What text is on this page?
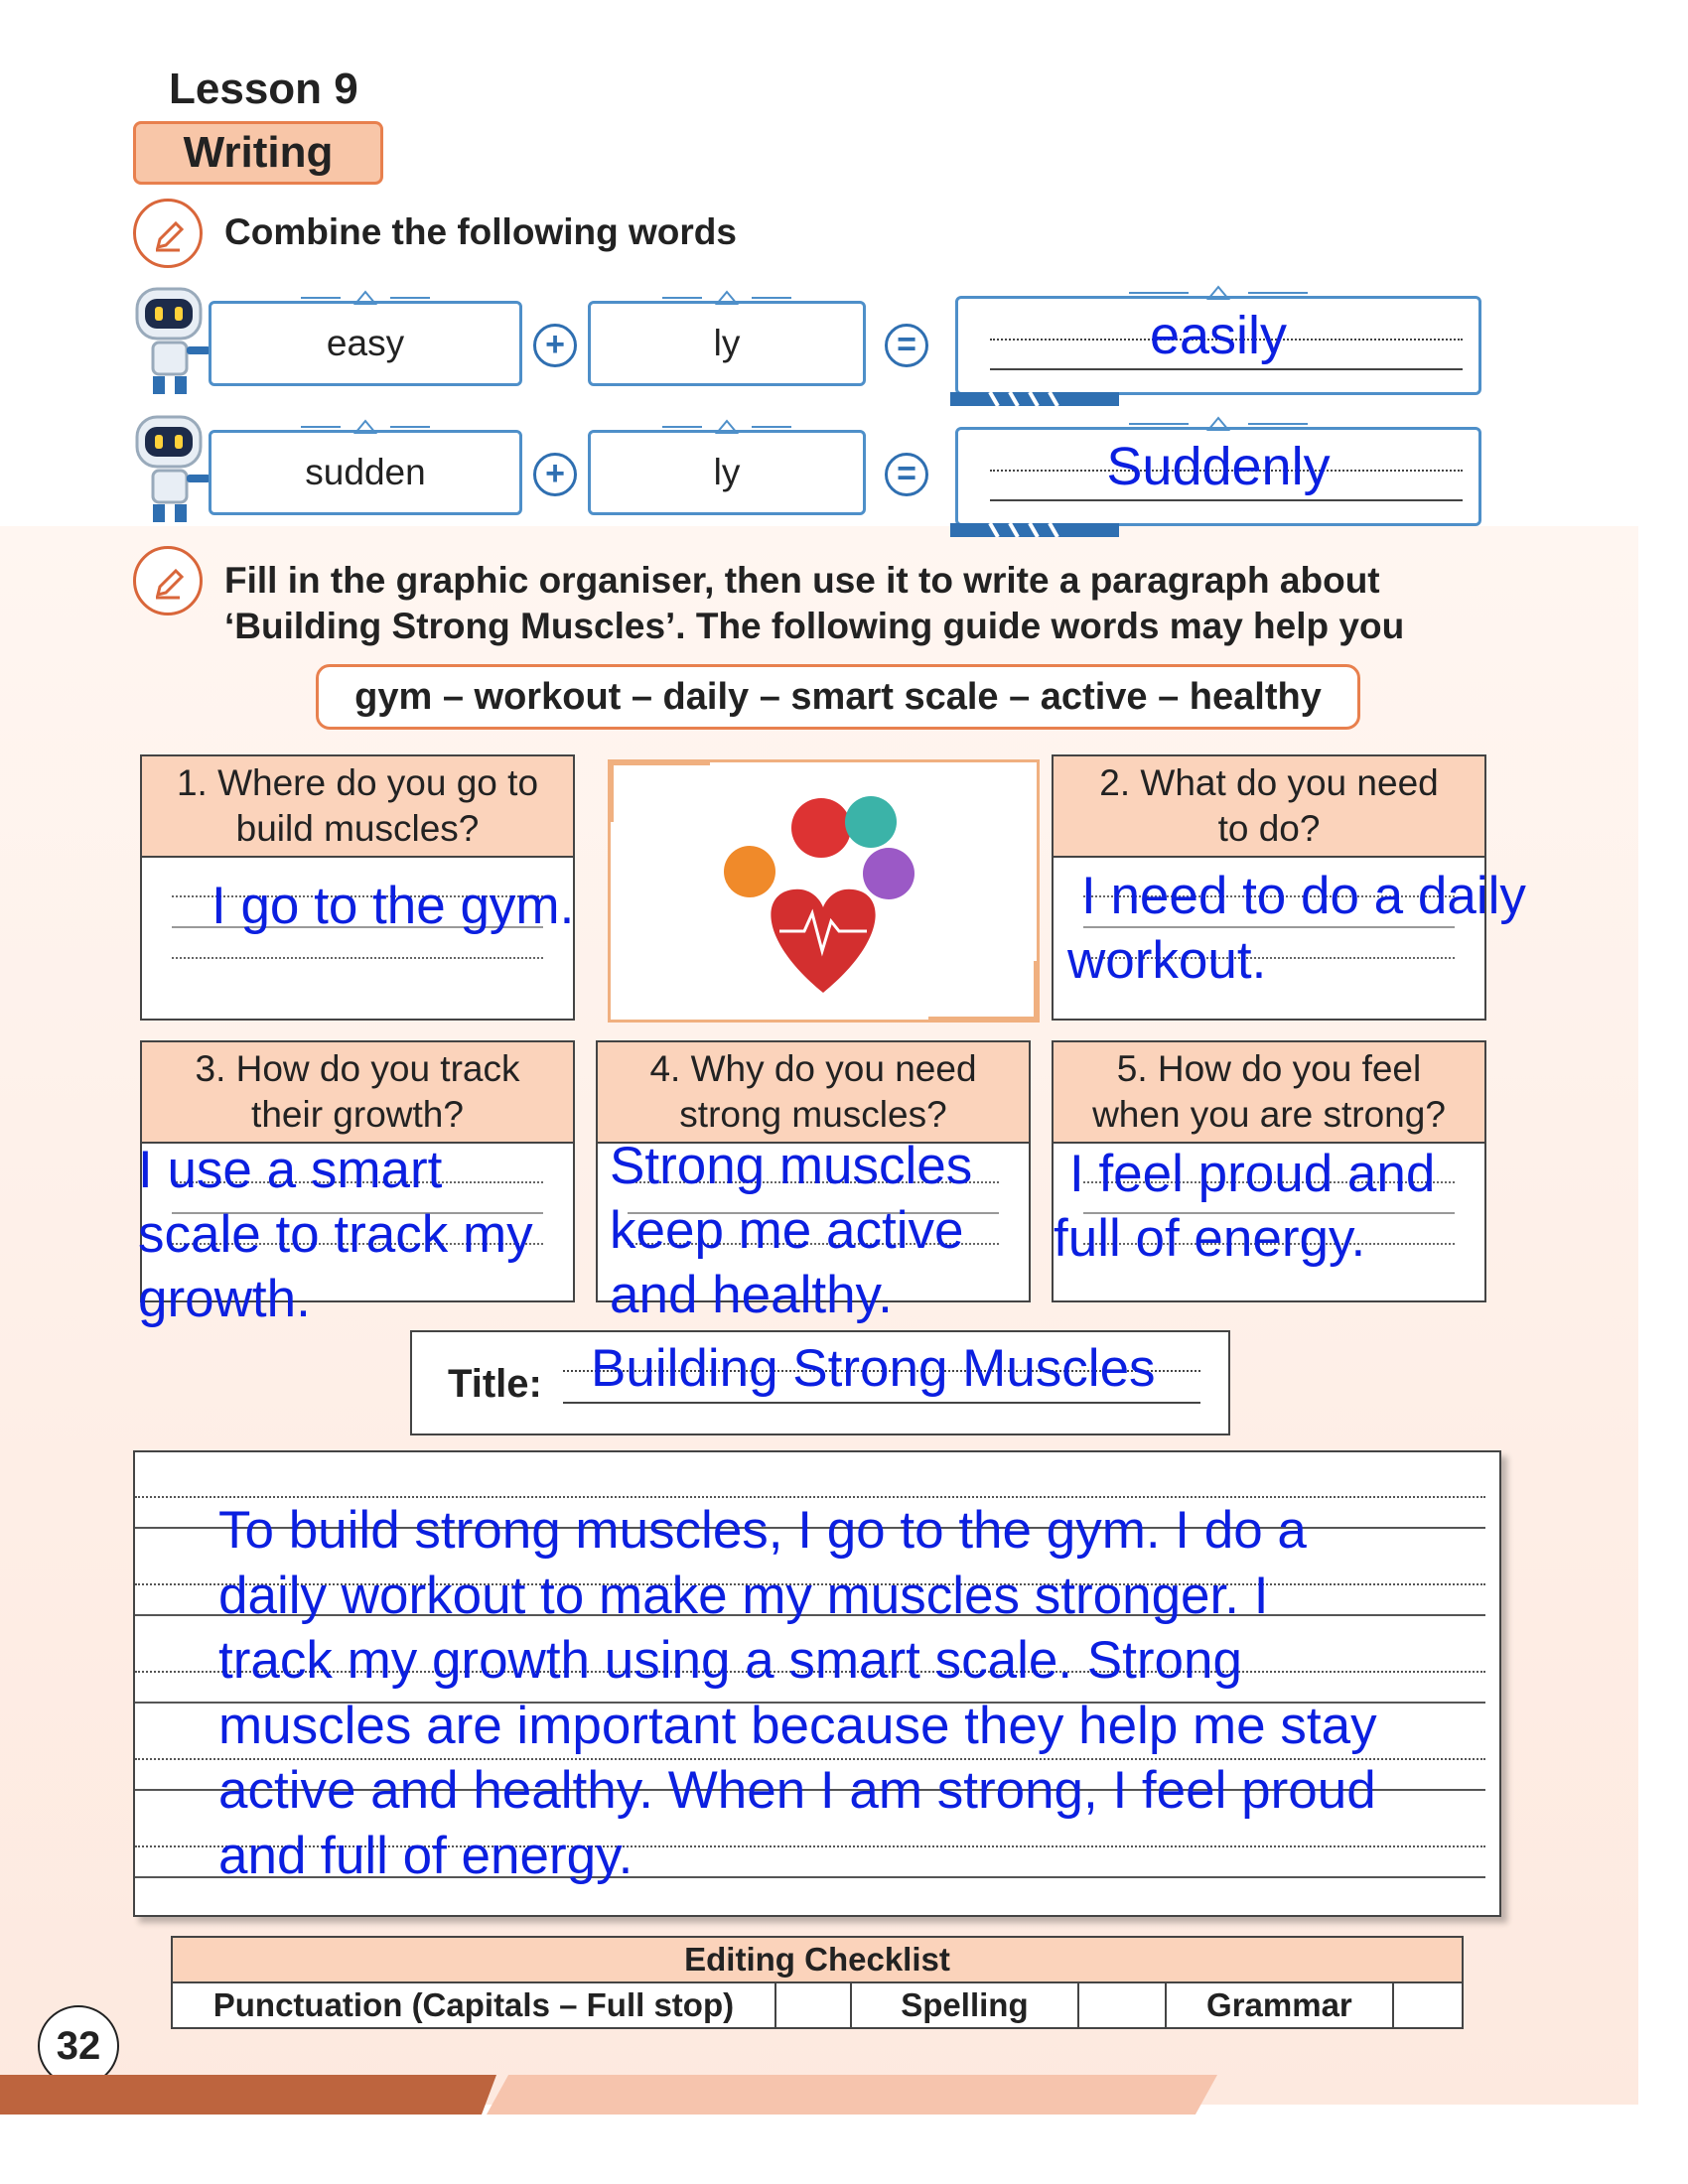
Lesson 9
Writing
Combine the following words
easy	+	ly	=	easily
sudden	+	ly	=	Suddenly
Fill in the graphic organiser, then use it to write a paragraph about
‘Building Strong Muscles’. The following guide words may help you
gym – workout – daily – smart scale – active – healthy
1. Where do you go to
build muscles?
I go to the gym.
2. What do you need
to do?
I need to do a daily
workout.
3. How do you track
their growth?
I use a smart
scale to track my
growth.
4. Why do you need
strong muscles?
Strong muscles
keep me active
and healthy.
5. How do you feel
when you are strong?
I feel proud and
full of energy.
Title: Building Strong Muscles
To build strong muscles, I go to the gym. I do a
daily workout to make my muscles stronger. I
track my growth using a smart scale. Strong
muscles are important because they help me stay
active and healthy. When I am strong, I feel proud
and full of energy.
Editing Checklist
Punctuation (Capitals – Full stop)		Spelling		Grammar	
32
